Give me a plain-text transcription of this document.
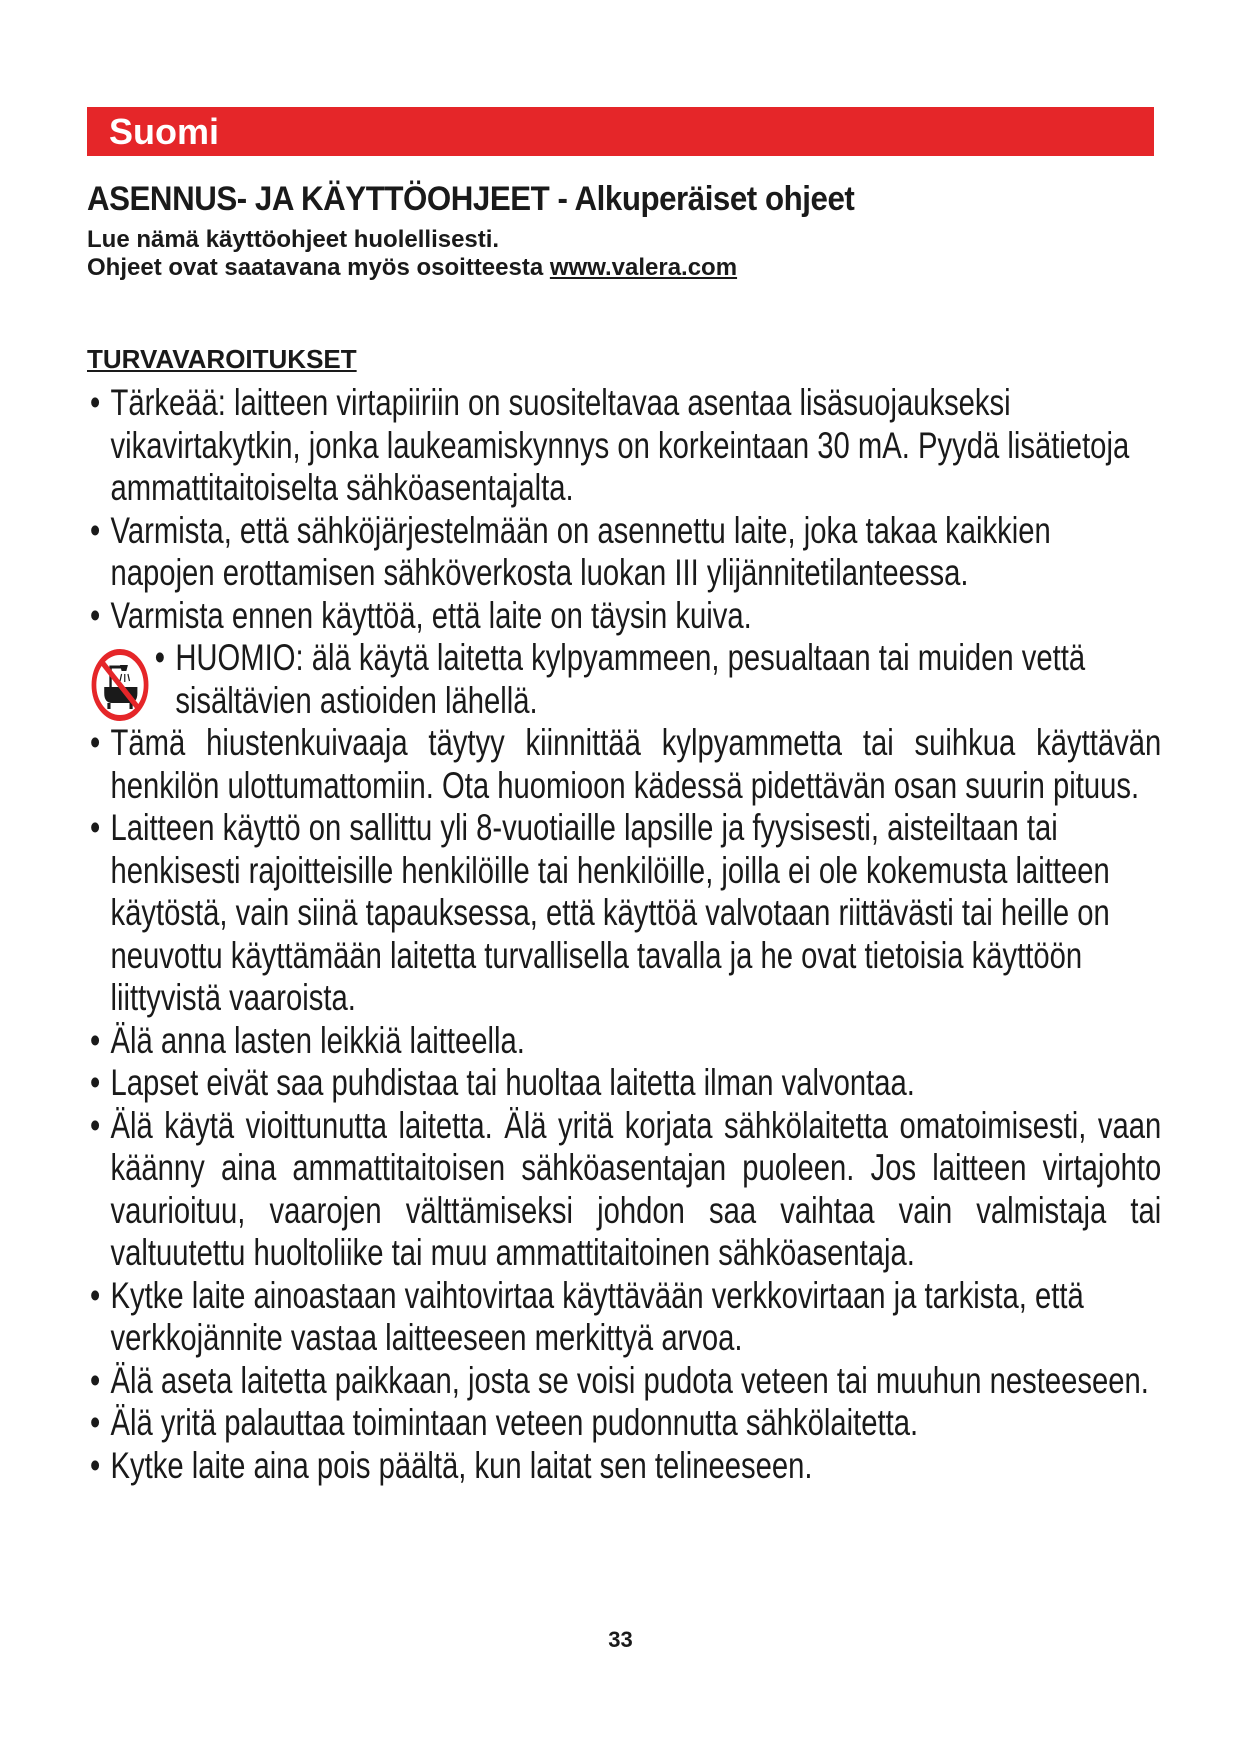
Suomi
ASENNUS- JA KÄYTTÖOHJEET - Alkuperäiset ohjeet

Lue nämä käyttöohjeet huolellisesti.

Ohjeet ovat saatavana myös osoitteesta www.valera.com

TURVAVAROITUKSET
• Tärkeää: laitteen virtapiiriin on suositeltavaa asentaa lisäsuojaukseksi vikavirtakytkin, jonka laukeamiskynnys on korkeintaan 30 mA. Pyydä lisätietoja ammattitaitoiselta sähköasentajalta.
• Varmista, että sähköjärjestelmään on asennettu laite, joka takaa kaikkien napojen erottamisen sähköverkosta luokan III ylijännitetilanteessa.
• Varmista ennen käyttöä, että laite on täysin kuiva.
• HUOMIO: älä käytä laitetta kylpyammeen, pesualtaan tai muiden vettä sisältävien astioiden lähellä.
• Tämä hiustenkuivaaja täytyy kiinnittää kylpyammetta tai suihkua käyttävän henkilön ulottumattomiin. Ota huomioon kädessä pidettävän osan suurin pituus.
• Laitteen käyttö on sallittu yli 8-vuotiaille lapsille ja fyysisesti, aisteiltaan tai henkisesti rajoitteisille henkilöille tai henkilöille, joilla ei ole kokemusta laitteen käytöstä, vain siinä tapauksessa, että käyttöä valvotaan riittävästi tai heille on neuvottu käyttämään laitetta turvallisella tavalla ja he ovat tietoisia käyttöön liittyvistä vaaroista.
• Älä anna lasten leikkiä laitteella.
• Lapset eivät saa puhdistaa tai huoltaa laitetta ilman valvontaa.
• Älä käytä vioittunutta laitetta. Älä yritä korjata sähkölaitetta omatoimisesti, vaan käänny aina ammattitaitoisen sähköasentajan puoleen. Jos laitteen virtajohto vaurioituu, vaarojen välttämiseksi johdon saa vaihtaa vain valmistaja tai valtuutettu huoltoliike tai muu ammattitaitoinen sähköasentaja.
• Kytke laite ainoastaan vaihtovirtaa käyttävään verkkovirtaan ja tarkista, että verkkojännite vastaa laitteeseen merkittyä arvoa.
• Älä aseta laitetta paikkaan, josta se voisi pudota veteen tai muuhun nesteeseen.
• Älä yritä palauttaa toimintaan veteen pudonnutta sähkölaitetta.
• Kytke laite aina pois päältä, kun laitat sen telineeseen.
33
